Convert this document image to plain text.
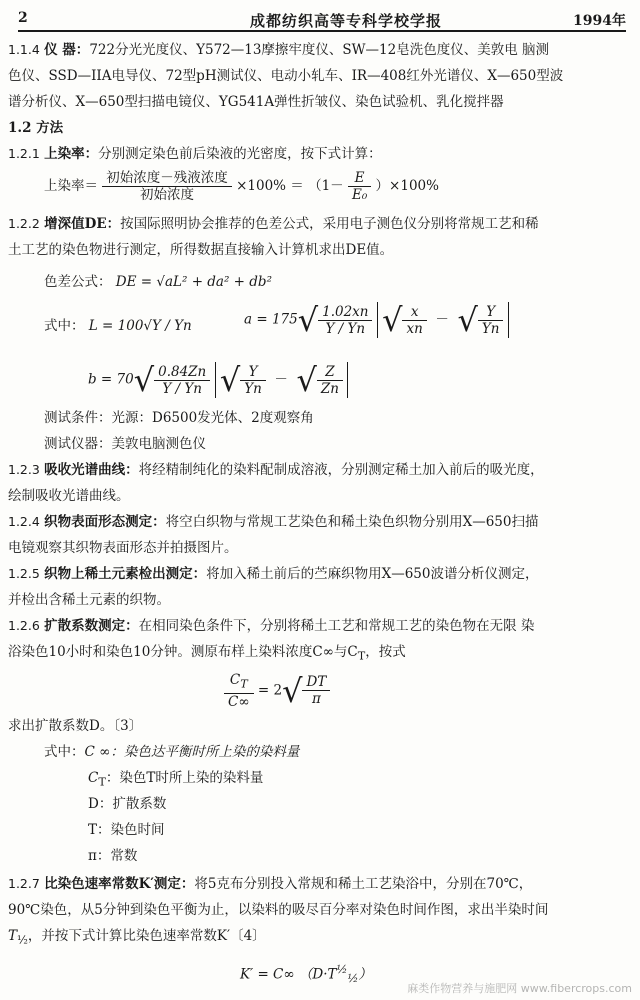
2	成都纺织高等专科学校学报	1994年
1.1.4 仪 器：722分光光度仪、Y572—13摩擦牢度仪、SW—12皂洗色度仪、美敦电 脑测
色仪、SSD—IIA电导仪、72型pH测试仪、电动小轧车、IR—408红外光谱仪、X—650型波
谱分析仪、X—650型扫描电镜仪、YG541A弹性折皱仪、染色试验机、乳化搅拌器
1.2 方法
1.2.1 上染率：分别测定染色前后染液的光密度，按下式计算：
上染率＝ $\frac{\text{初始浓度－残液浓度}}{\text{初始浓度}} \times 100\% = (1- \frac{E}{\text{E₀}} )\times 100\%$
1.2.2 增深值DE：按国际照明协会推荐的色差公式，采用电子测色仪分别将常规工艺和稀
土工艺的染色物进行测定，所得数据直接输入计算机求出DE值。
色差公式： DE = √aL² + da² + db²
式中： L = 100√Y / Yn	$a = 175√ \frac{1.02xn}{Y / Yn}$ √ $\frac{x}{xn}$ －  √ $\frac{Y}{Yn}$

$b = 70√ \frac{0.84Zn}{Y / Yn}$ √ $\frac{Y}{Yn}$ －  √ $\frac{Z}{Zn}$

测试条件：光源：D6500发光体、2度观察角
测试仪器：美敦电脑测色仪
1.2.3 吸收光谱曲线：将经精制纯化的染料配制成溶液，分别测定稀土加入前后的吸光度，
绘制吸收光谱曲线。
1.2.4 织物表面形态测定：将空白织物与常规工艺染色和稀土染色织物分别用X—650扫描
电镜观察其织物表面形态并拍摄图片。
1.2.5 织物上稀土元素检出测定：将加入稀土前后的苎麻织物用X—650波谱分析仪测定，
并检出含稀土元素的织物。
1.2.6 扩散系数测定：在相同染色条件下，分别将稀土工艺和常规工艺的染色物在无限 染
浴染色10小时和染色10分钟。测原布样上染料浓度C∞与$C_T$，按式
$\frac{C_T}{C\infty} = 2√ \frac{DT}{\pi}$
求出扩散系数D。〔3〕
式中：C ∞：染色达平衡时所上染的染料量
$C_T$：染色T时所上染的染料量
D：扩散系数
T：染色时间
π：常数
1.2.7 比染色速率常数K′测定：将5克布分别投入常规和稀土工艺染浴中，分别在70℃，
90℃染色，从5分钟到染色平衡为止，以染料的吸尽百分率对染色时间作图，求出半染时间
$T_{\frac{1}{2}}$，并按下式计算比染色速率常数K′〔4〕
K′ = C∞ $(D\cdot T^{\frac{1}{2}}_{\frac{1}{2}})$
麻类作物营养与施肥网 www.fibercrops.com
